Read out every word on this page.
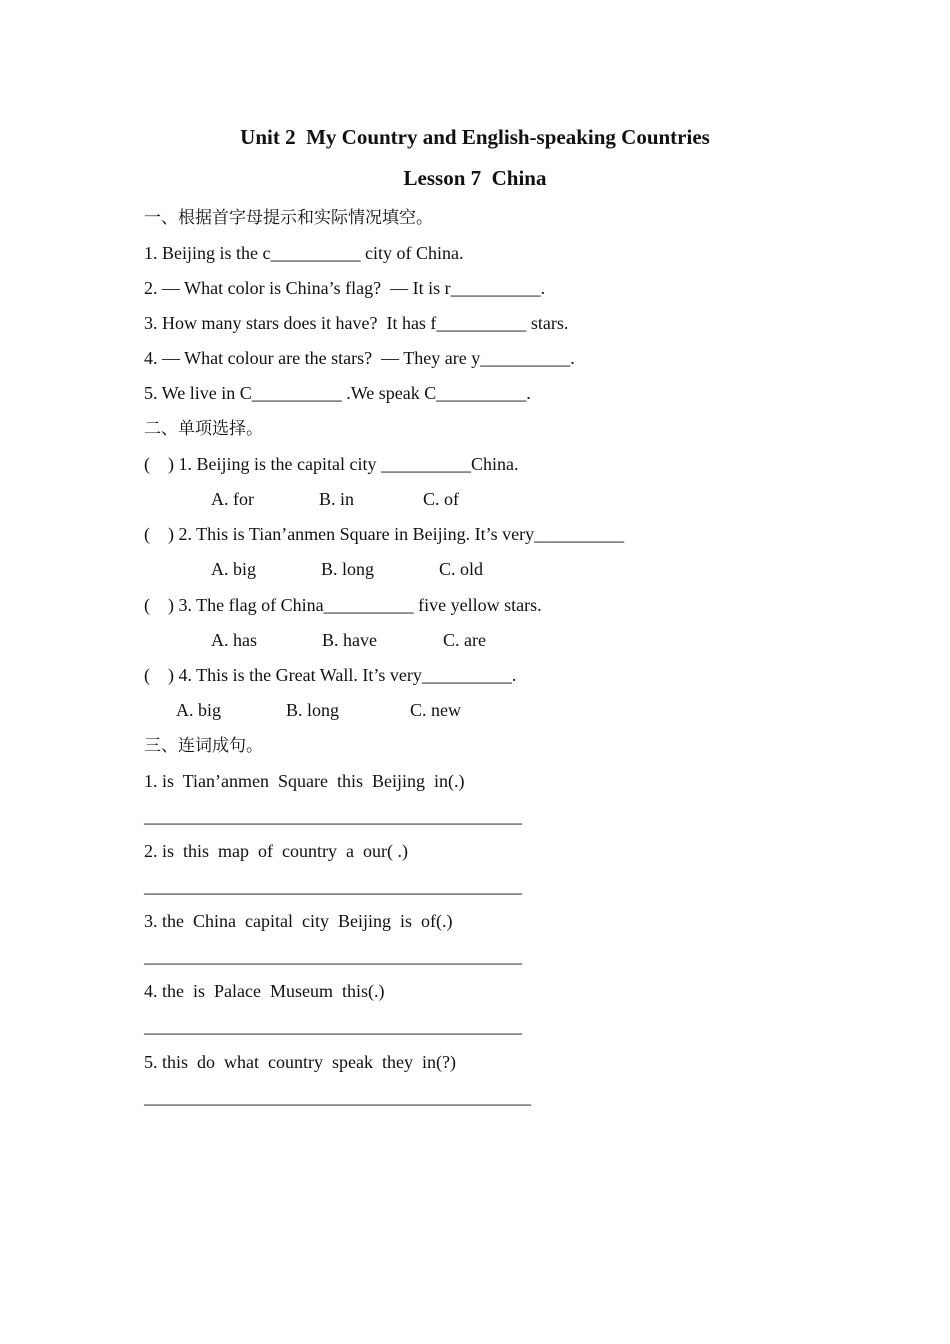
Unit 2  My Country and English-speaking Countries
Lesson 7  China
一、根据首字母提示和实际情况填空。
1. Beijing is the c__________ city of China.
2. — What color is China’s flag?  — It is r__________.
3. How many stars does it have?  It has f__________ stars.
4. — What colour are the stars?  — They are y__________.
5. We live in C__________ .We speak C__________.
二、单项选择。
(    ) 1. Beijing is the capital city __________China.
A. for	B. in	C. of
(    ) 2. This is Tian’anmen Square in Beijing. It’s very__________
A. big	B. long	C. old
(    ) 3. The flag of China__________ five yellow stars.
A. has	B. have	C. are
(    ) 4. This is the Great Wall. It’s very__________.
A. big	B. long	C. new
三、连词成句。
1. is  Tian’anmen  Square  this  Beijing  in(.)
__________________________________________
2. is  this  map  of  country  a  our( .)
__________________________________________
3. the  China  capital  city  Beijing  is  of(.)
__________________________________________
4. the  is  Palace  Museum  this(.)
__________________________________________
5. this  do  what  country  speak  they  in(?)
___________________________________________
